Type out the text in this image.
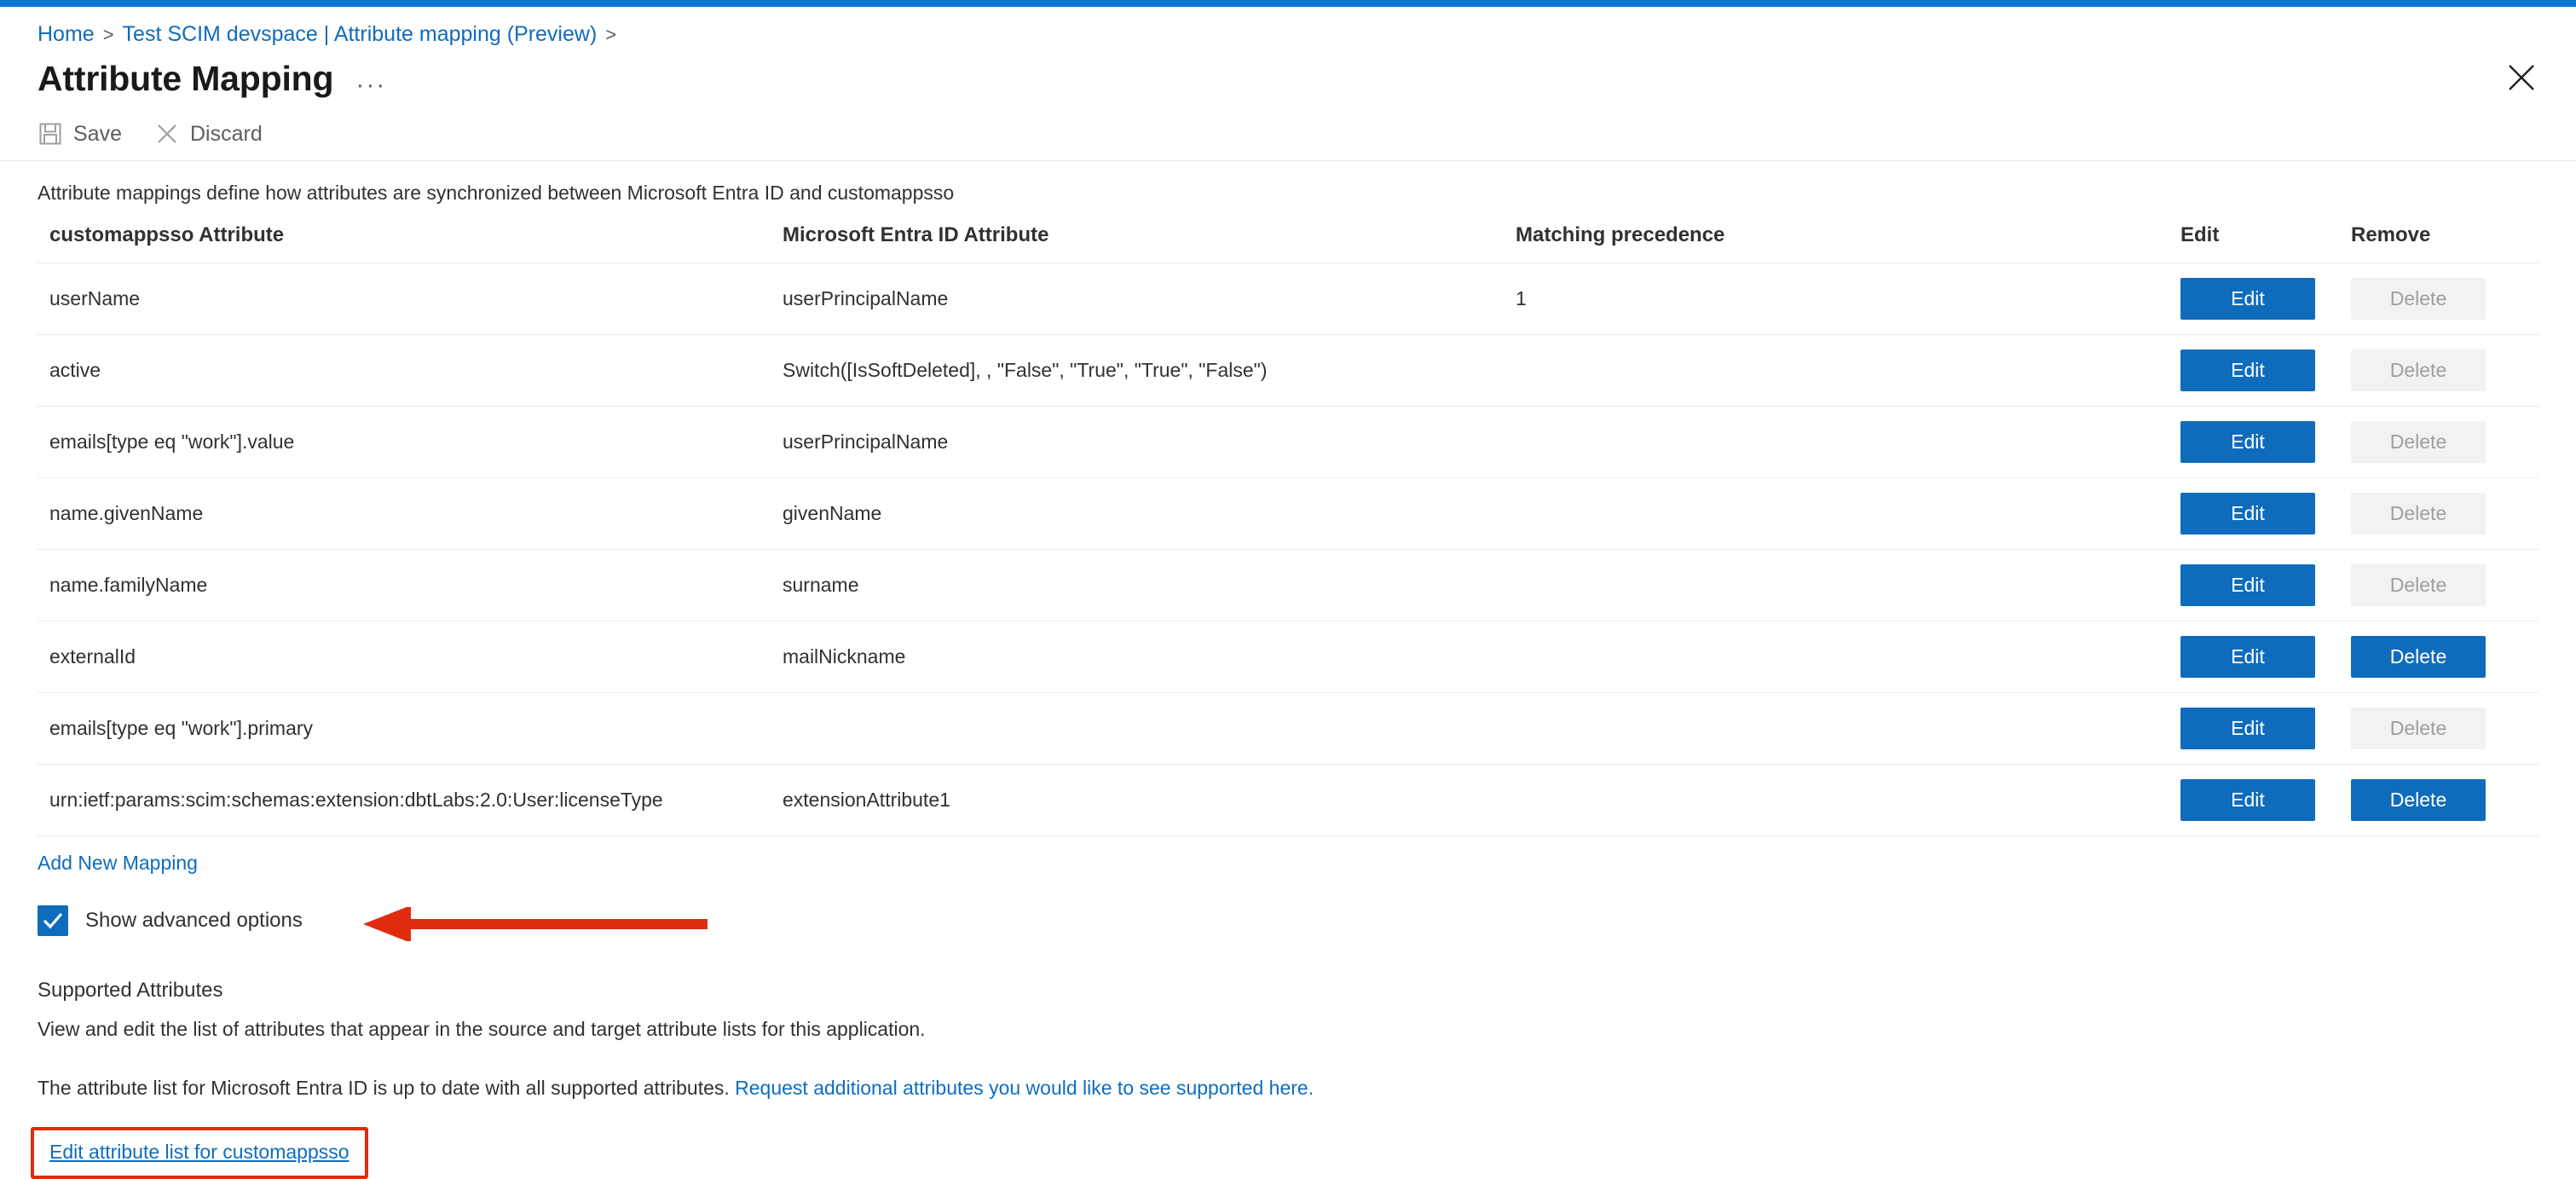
Home > Test SCIM devspace | Attribute mapping (Preview) >
Attribute Mapping ···
Save	Discard
Attribute mappings define how attributes are synchronized between Microsoft Entra ID and customappsso
customappsso Attribute	Microsoft Entra ID Attribute	Matching precedence	Edit	Remove
userName	userPrincipalName	1	Edit	Delete
active	Switch([IsSoftDeleted], , "False", "True", "True", "False")		Edit	Delete
emails[type eq "work"].value	userPrincipalName		Edit	Delete
name.givenName	givenName		Edit	Delete
name.familyName	surname		Edit	Delete
externalId	mailNickname		Edit	Delete
emails[type eq "work"].primary			Edit	Delete
urn:ietf:params:scim:schemas:extension:dbtLabs:2.0:User:licenseType	extensionAttribute1		Edit	Delete
Add New Mapping
Show advanced options
Supported Attributes
View and edit the list of attributes that appear in the source and target attribute lists for this application.
The attribute list for Microsoft Entra ID is up to date with all supported attributes. Request additional attributes you would like to see supported here.
Edit attribute list for customappsso
